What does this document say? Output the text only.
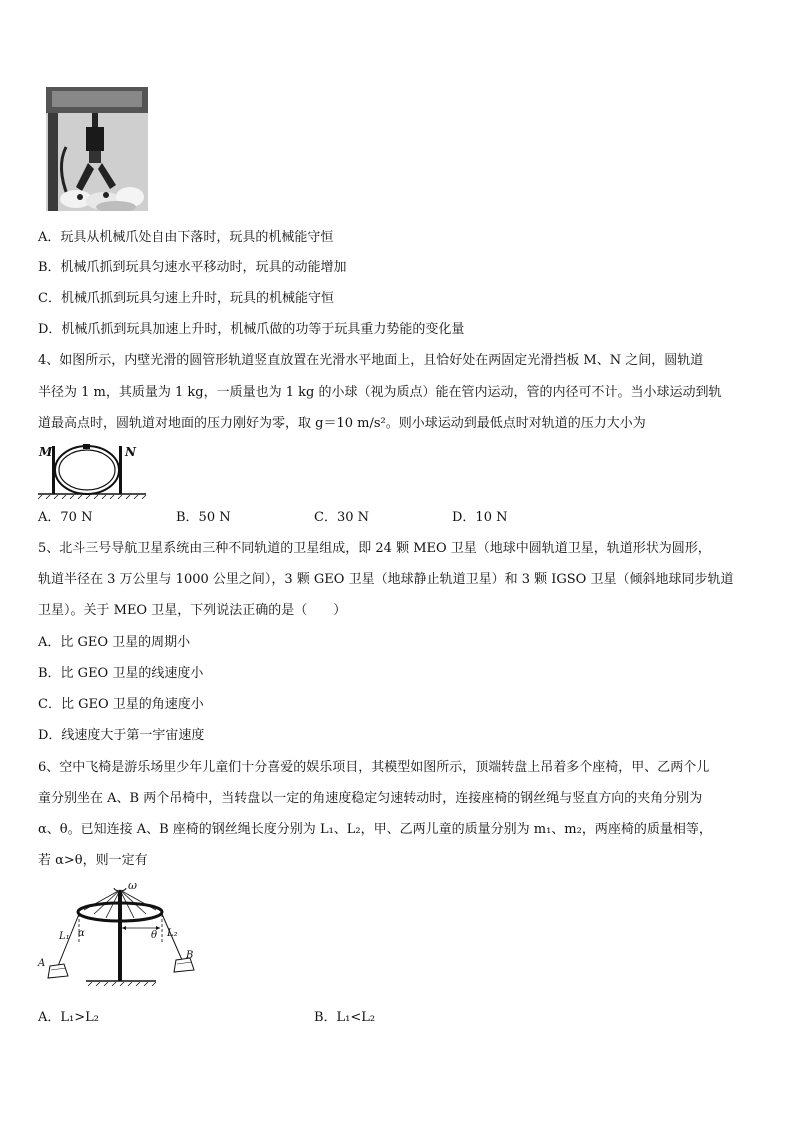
A．玩具从机械爪处自由下落时，玩具的机械能守恒
B．机械爪抓到玩具匀速水平移动时，玩具的动能增加
C．机械爪抓到玩具匀速上升时，玩具的机械能守恒
D．机械爪抓到玩具加速上升时，机械爪做的功等于玩具重力势能的变化量
4、如图所示，内壁光滑的圆管形轨道竖直放置在光滑水平地面上，且恰好处在两固定光滑挡板 M、N 之间，圆轨道
半径为 1 m，其质量为 1 kg，一质量也为 1 kg 的小球（视为质点）能在管内运动，管的内径可不计。当小球运动到轨
道最高点时，圆轨道对地面的压力刚好为零，取 g＝10 m/s²。则小球运动到最低点时对轨道的压力大小为
M	N
A．70 N	B．50 N	C．30 N	D．10 N
5、北斗三号导航卫星系统由三种不同轨道的卫星组成，即 24 颗 MEO 卫星（地球中圆轨道卫星，轨道形状为圆形，
轨道半径在 3 万公里与 1000 公里之间），3 颗 GEO 卫星（地球静止轨道卫星）和 3 颗 IGSO 卫星（倾斜地球同步轨道
卫星）。关于 MEO 卫星，下列说法正确的是（　　）
A．比 GEO 卫星的周期小
B．比 GEO 卫星的线速度小
C．比 GEO 卫星的角速度小
D．线速度大于第一宇宙速度
6、空中飞椅是游乐场里少年儿童们十分喜爱的娱乐项目，其模型如图所示，顶端转盘上吊着多个座椅，甲、乙两个儿
童分别坐在 A、B 两个吊椅中，当转盘以一定的角速度稳定匀速转动时，连接座椅的钢丝绳与竖直方向的夹角分别为
α、θ。已知连接 A、B 座椅的钢丝绳长度分别为 L₁、L₂，甲、乙两儿童的质量分别为 m₁、m₂，两座椅的质量相等，
若 α>θ，则一定有
ω
α	θ
L₁	L₂
A
B
A．L₁>L₂	B．L₁<L₂
